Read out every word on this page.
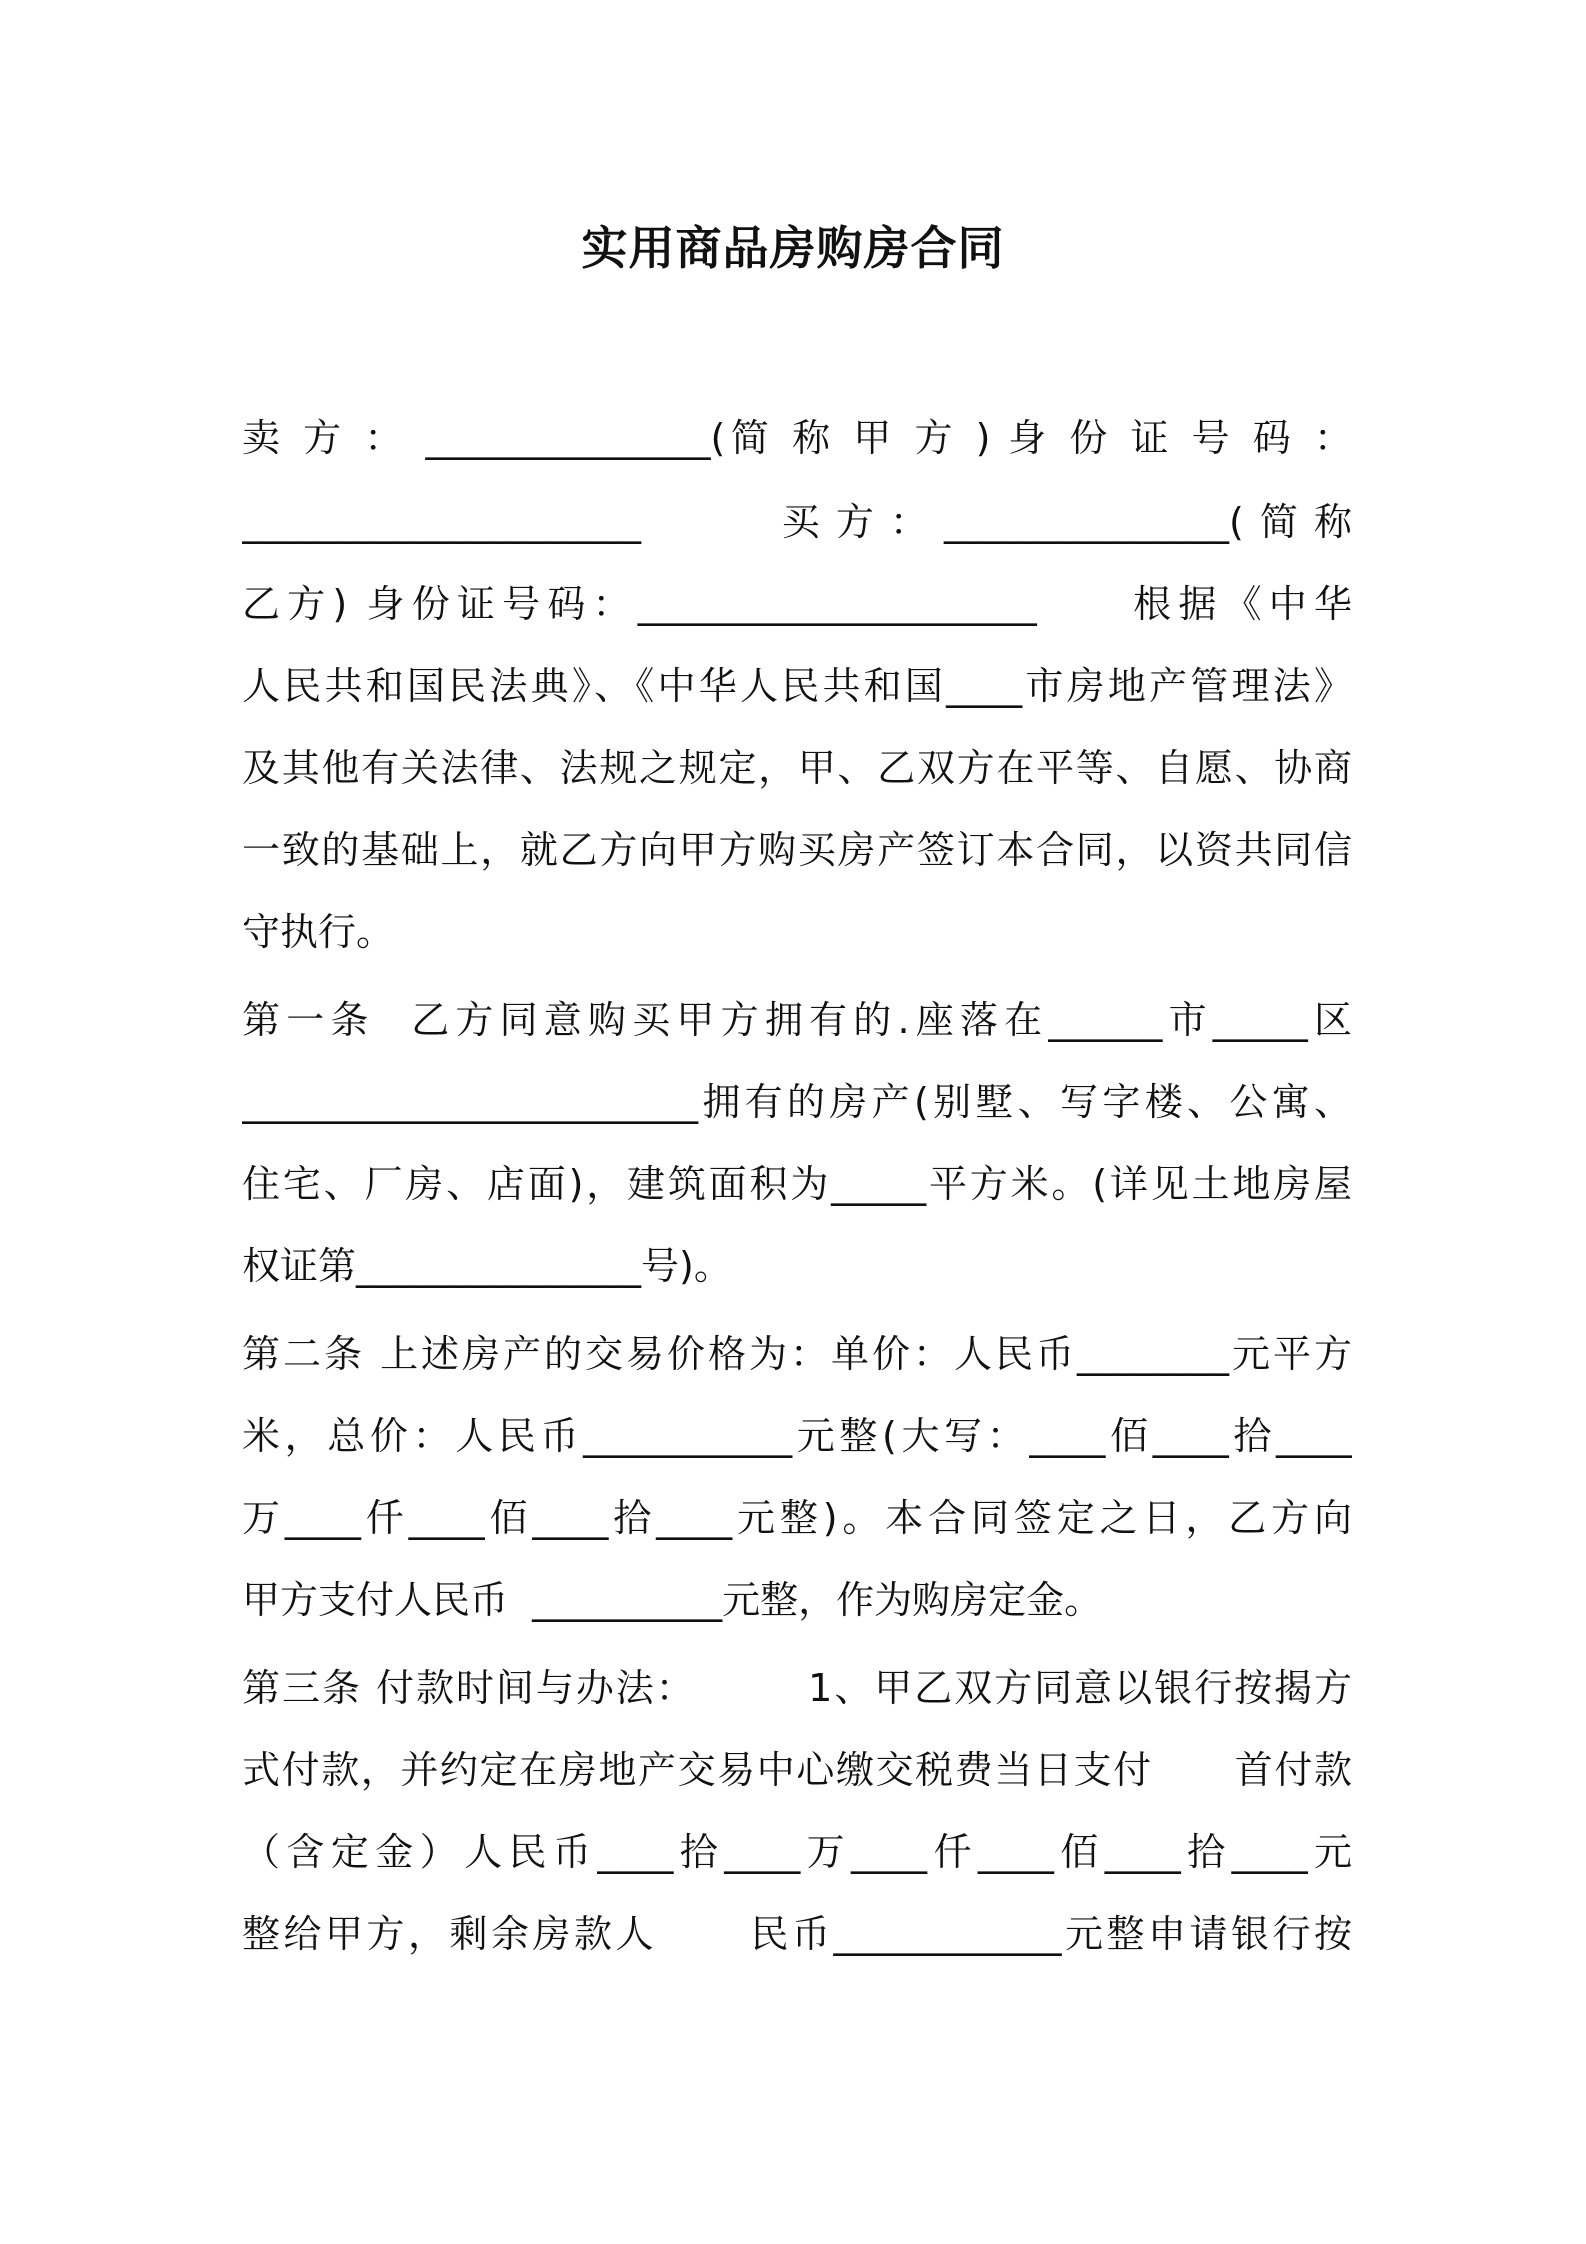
实用商品房购房合同
卖 方 ： _______________(简 称 甲 方 ) 身 份 证 号 码 ：
_____________________     买方：_______________(简称
乙方) 身份证号码：_____________________     根据《中华
人民共和国民法典》、《中华人民共和国____市房地产管理法》
及其他有关法律、法规之规定，甲、乙双方在平等、自愿、协商
一致的基础上，就乙方向甲方购买房产签订本合同，以资共同信
守执行。
第一条  乙方同意购买甲方拥有的.座落在______市_____区
________________________拥有的房产(别墅、写字楼、公寓、
住宅、厂房、店面)，建筑面积为_____平方米。(详见土地房屋
权证第_______________号)。
第二条 上述房产的交易价格为：单价：人民币________元平方
米，总价：人民币___________元整(大写：____佰____拾____
万____仟____佰____拾____元整)。本合同签定之日，乙方向
甲方支付人民币  __________元整，作为购房定金。
第三条 付款时间与办法：        1、甲乙双方同意以银行按揭方
式付款，并约定在房地产交易中心缴交税费当日支付      首付款
（含定金）人民币____拾____万____仟____佰____拾____元
整给甲方，剩余房款人      民币____________元整申请银行按
